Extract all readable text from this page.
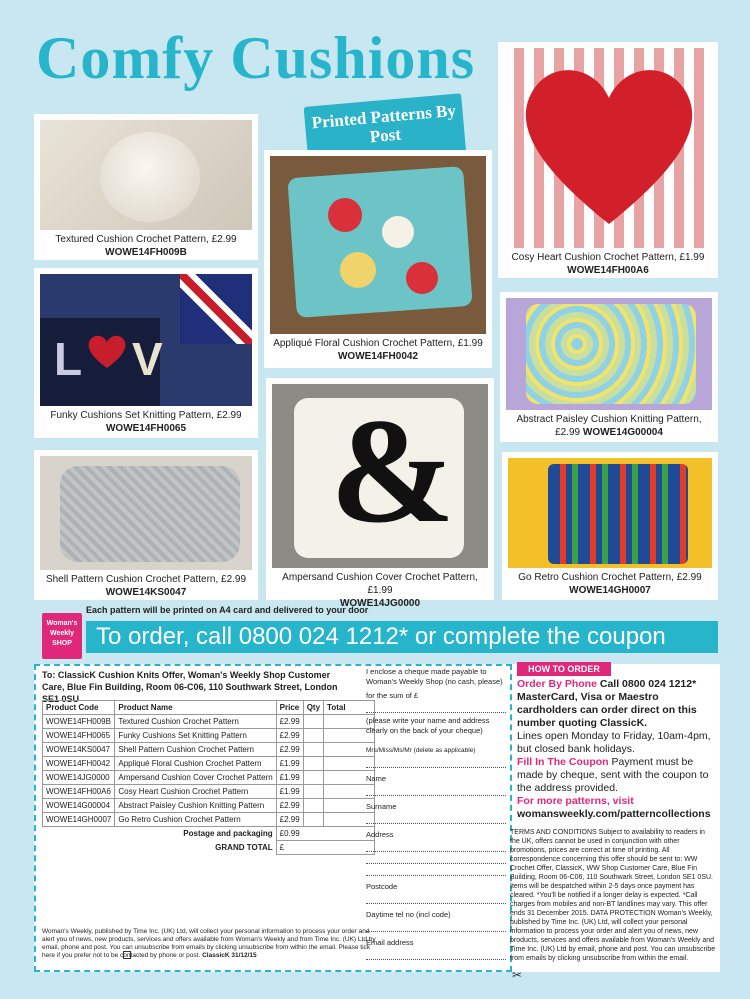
Comfy Cushions
Textured Cushion Crochet Pattern, £2.99
WOWE14FH009B
Printed Patterns By Post
Appliqué Floral Cushion Crochet Pattern, £1.99 WOWE14FH0042
Cosy Heart Cushion Crochet Pattern, £1.99 WOWE14FH00A6
L V
Funky Cushions Set Knitting Pattern, £2.99
WOWE14FH0065
Abstract Paisley Cushion Knitting Pattern, £2.99 WOWE14G00004
Shell Pattern Cushion Crochet Pattern, £2.99
WOWE14KS0047
&
Ampersand Cushion Cover Crochet Pattern, £1.99
WOWE14JG0000
Go Retro Cushion Crochet Pattern, £2.99
WOWE14GH0007
Each pattern will be printed on A4 card and delivered to your door
Woman's Weekly SHOP	To order, call 0800 024 1212* or complete the coupon
To: ClassicK Cushion Knits Offer, Woman's Weekly Shop Customer Care, Blue Fin Building, Room 06-C06, 110 Southwark Street, London SE1 0SU
Product Code	Product Name	Price	Qty	Total
WOWE14FH009B	Textured Cushion Crochet Pattern	£2.99		
WOWE14FH0065	Funky Cushions Set Knitting Pattern	£2.99		
WOWE14KS0047	Shell Pattern Cushion Crochet Pattern	£2.99		
WOWE14FH0042	Appliqué Floral Cushion Crochet Pattern	£1.99		
WOWE14JG0000	Ampersand Cushion Cover Crochet Pattern	£1.99		
WOWE14FH00A6	Cosy Heart Cushion Crochet Pattern	£1.99		
WOWE14G00004	Abstract Paisley Cushion Knitting Pattern	£2.99		
WOWE14GH0007	Go Retro Cushion Crochet Pattern	£2.99		
Postage and packaging		£0.99		
GRAND TOTAL		£		
I enclose a cheque made payable to Woman's Weekly Shop (no cash, please)
for the sum of £
(please write your name and address clearly on the back of your cheque)
Mrs/Miss/Ms/Mr (delete as applicable)
Name
Surname
Address
Postcode
Daytime tel no (incl code)
Email address
Woman's Weekly, published by Time Inc. (UK) Ltd, will collect your personal information to process your order and alert you of news, new products, services and offers available from Woman's Weekly and from Time Inc. (UK) Ltd by email, phone and post. You can unsubscribe from emails by clicking unsubscribe from within the email. Please tick here if you prefer not to be contacted by phone or post. ClassicK 31/12/15
HOW TO ORDER
Order By Phone Call 0800 024 1212* MasterCard, Visa or Maestro cardholders can order direct on this number quoting ClassicK.
Lines open Monday to Friday, 10am-4pm, but closed bank holidays.
Fill In The Coupon Payment must be made by cheque, sent with the coupon to the address provided.
For more patterns, visit
womansweekly.com/patterncollections
TERMS AND CONDITIONS Subject to availability to readers in the UK, offers cannot be used in conjunction with other promotions, prices are correct at time of printing. All correspondence concerning this offer should be sent to: WW Crochet Offer, ClassicK, WW Shop Customer Care, Blue Fin Building, Room 06-C06, 110 Southwark Street, London SE1 0SU. Items will be despatched within 2-5 days once payment has cleared. *You'll be notified if a longer delay is expected. *Call charges from mobiles and non-BT landlines may vary. This offer ends 31 December 2015. DATA PROTECTION Woman's Weekly, published by Time Inc. (UK) Ltd, will collect your personal information to process your order and alert you of news, new products, services and offers available from Woman's Weekly and Time Inc. (UK) Ltd by email, phone and post. You can unsubscribe from emails by clicking unsubscribe from within the email.
✂
